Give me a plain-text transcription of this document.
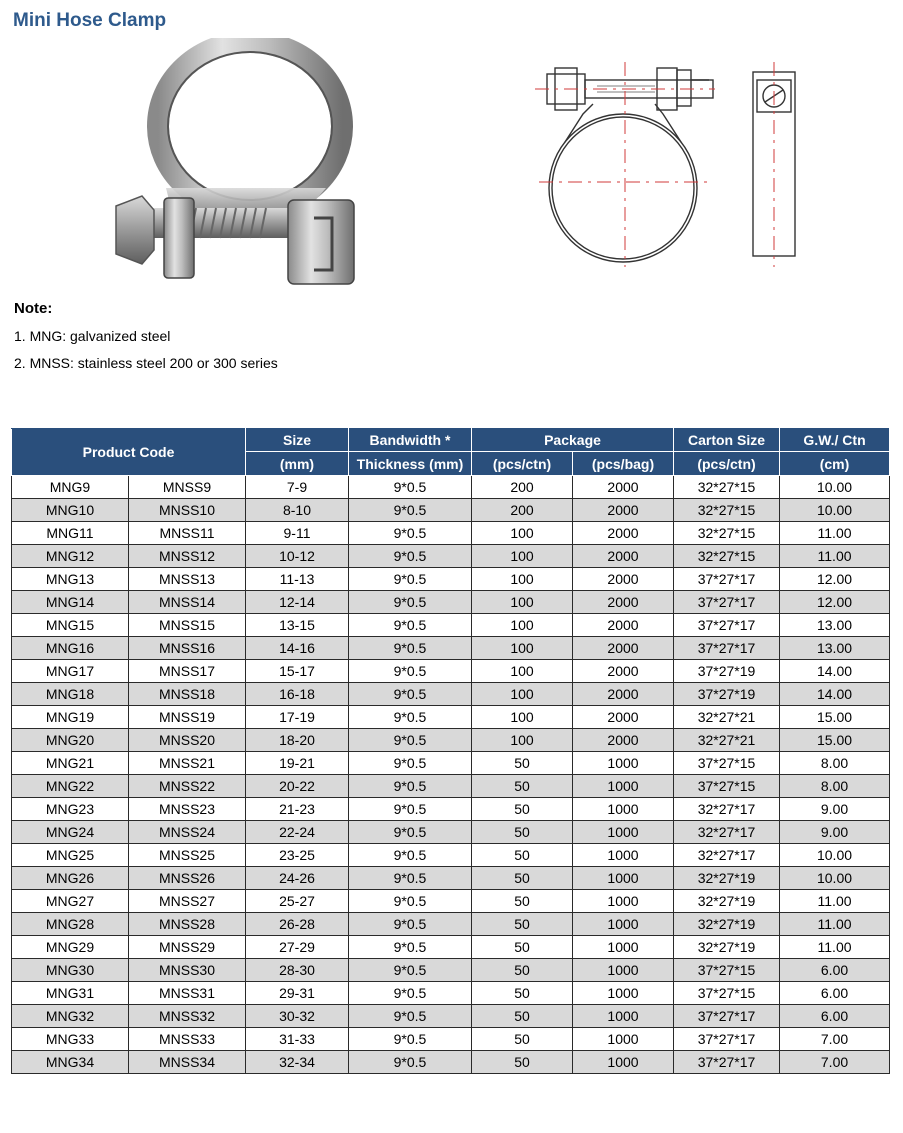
Mini Hose Clamp
Note:
1. MNG: galvanized steel
2. MNSS: stainless steel 200 or 300 series
Product Code		Size	Bandwidth *	Package		Carton Size	G.W./ Ctn
		(mm)	Thickness (mm)	(pcs/ctn)	(pcs/bag)	(pcs/ctn)	(cm)
MNG9	MNSS9	7-9	9*0.5	200	2000	32*27*15	10.00
MNG10	MNSS10	8-10	9*0.5	200	2000	32*27*15	10.00
MNG11	MNSS11	9-11	9*0.5	100	2000	32*27*15	11.00
MNG12	MNSS12	10-12	9*0.5	100	2000	32*27*15	11.00
MNG13	MNSS13	11-13	9*0.5	100	2000	37*27*17	12.00
MNG14	MNSS14	12-14	9*0.5	100	2000	37*27*17	12.00
MNG15	MNSS15	13-15	9*0.5	100	2000	37*27*17	13.00
MNG16	MNSS16	14-16	9*0.5	100	2000	37*27*17	13.00
MNG17	MNSS17	15-17	9*0.5	100	2000	37*27*19	14.00
MNG18	MNSS18	16-18	9*0.5	100	2000	37*27*19	14.00
MNG19	MNSS19	17-19	9*0.5	100	2000	32*27*21	15.00
MNG20	MNSS20	18-20	9*0.5	100	2000	32*27*21	15.00
MNG21	MNSS21	19-21	9*0.5	50	1000	37*27*15	8.00
MNG22	MNSS22	20-22	9*0.5	50	1000	37*27*15	8.00
MNG23	MNSS23	21-23	9*0.5	50	1000	32*27*17	9.00
MNG24	MNSS24	22-24	9*0.5	50	1000	32*27*17	9.00
MNG25	MNSS25	23-25	9*0.5	50	1000	32*27*17	10.00
MNG26	MNSS26	24-26	9*0.5	50	1000	32*27*19	10.00
MNG27	MNSS27	25-27	9*0.5	50	1000	32*27*19	11.00
MNG28	MNSS28	26-28	9*0.5	50	1000	32*27*19	11.00
MNG29	MNSS29	27-29	9*0.5	50	1000	32*27*19	11.00
MNG30	MNSS30	28-30	9*0.5	50	1000	37*27*15	6.00
MNG31	MNSS31	29-31	9*0.5	50	1000	37*27*15	6.00
MNG32	MNSS32	30-32	9*0.5	50	1000	37*27*17	6.00
MNG33	MNSS33	31-33	9*0.5	50	1000	37*27*17	7.00
MNG34	MNSS34	32-34	9*0.5	50	1000	37*27*17	7.00
